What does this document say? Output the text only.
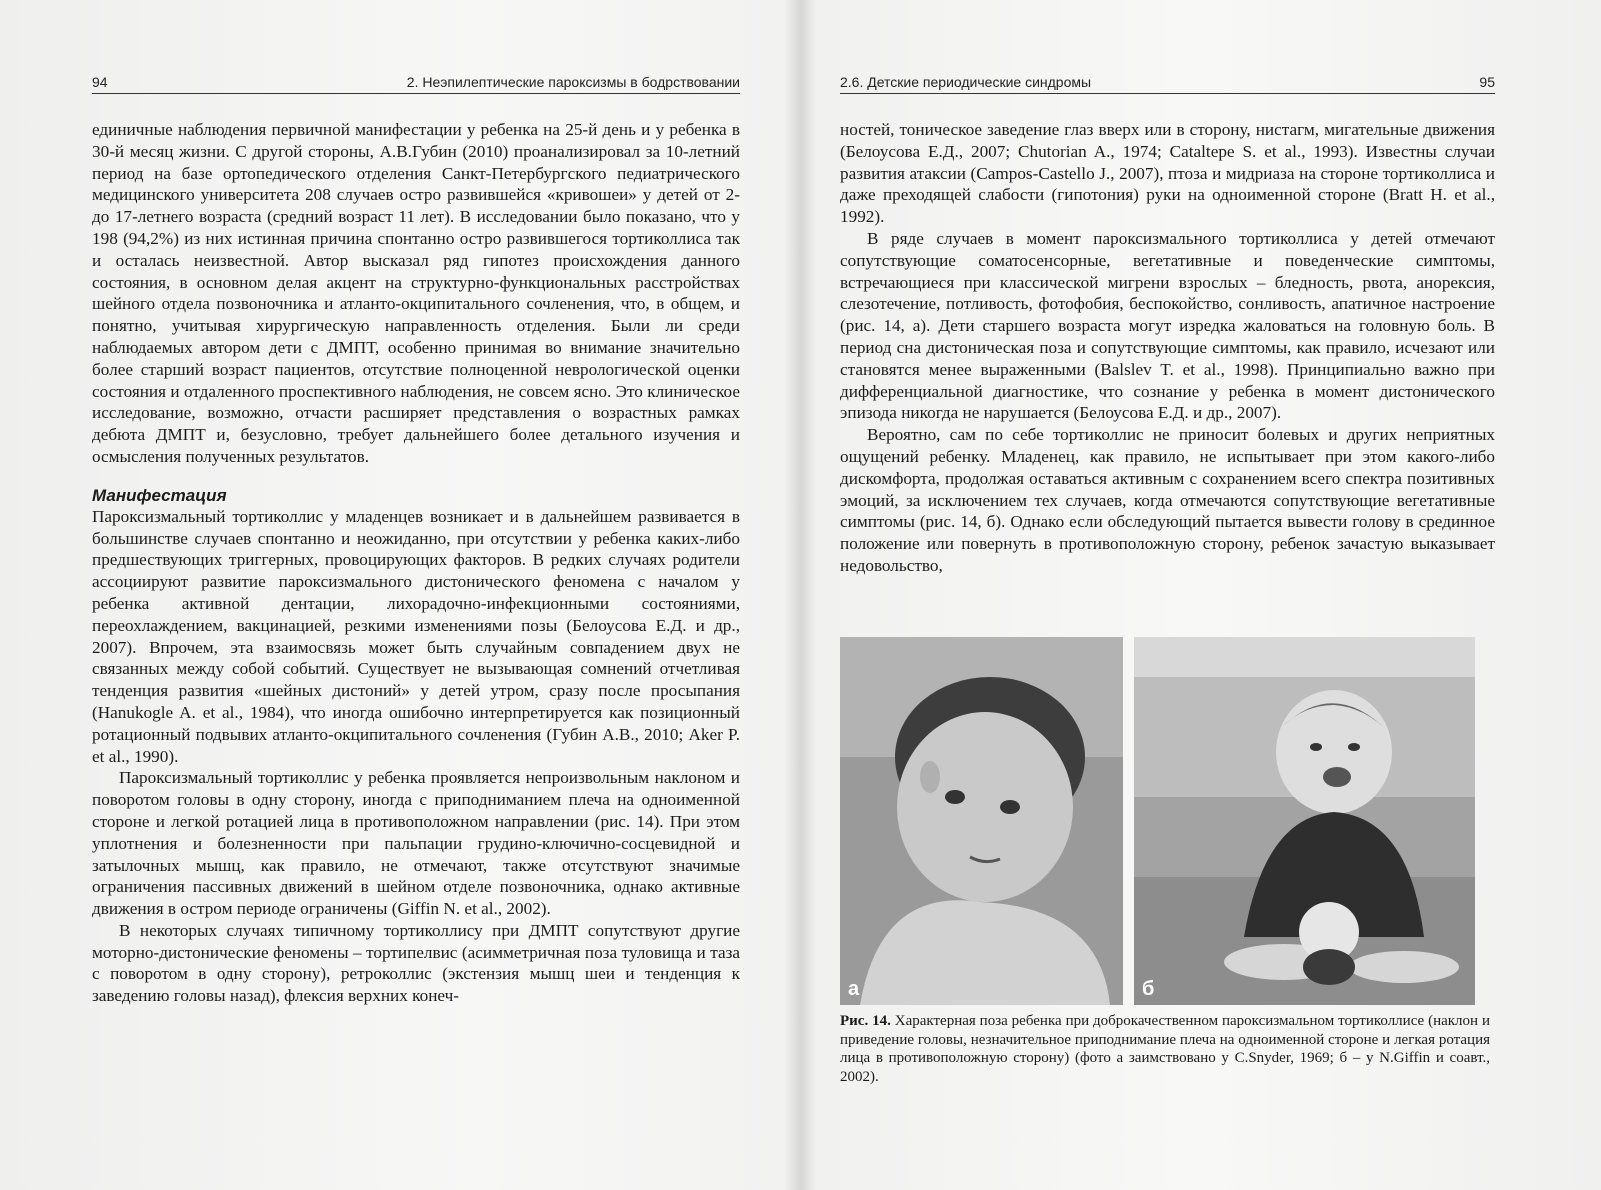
94	2. Неэпилептические пароксизмы в бодрствовании

единичные наблюдения первичной манифестации у ребенка на 25-й день и у ребенка в 30-й месяц жизни. С другой стороны, А.В.Губин (2010) проанализировал за 10-летний период на базе ортопедического отделения Санкт-Петербургского педиатрического медицинского университета 208 случаев остро развившейся «кривошеи» у детей от 2- до 17-летнего возраста (средний возраст 11 лет). В исследовании было показано, что у 198 (94,2%) из них истинная причина спонтанно остро развившегося тортиколлиса так и осталась неизвестной. Автор высказал ряд гипотез происхождения данного состояния, в основном делая акцент на структурно-функциональных расстройствах шейного отдела позвоночника и атланто-окципитального сочленения, что, в общем, и понятно, учитывая хирургическую направленность отделения. Были ли среди наблюдаемых автором дети с ДМПТ, особенно принимая во внимание значительно более старший возраст пациентов, отсутствие полноценной неврологической оценки состояния и отдаленного проспективного наблюдения, не совсем ясно. Это клиническое исследование, возможно, отчасти расширяет представления о возрастных рамках дебюта ДМПТ и, безусловно, требует дальнейшего более детального изучения и осмысления полученных результатов.

Манифестация

Пароксизмальный тортиколлис у младенцев возникает и в дальнейшем развивается в большинстве случаев спонтанно и неожиданно, при отсутствии у ребенка каких-либо предшествующих триггерных, провоцирующих факторов. В редких случаях родители ассоциируют развитие пароксизмального дистонического феномена с началом у ребенка активной дентации, лихорадочно-инфекционными состояниями, переохлаждением, вакцинацией, резкими изменениями позы (Белоусова Е.Д. и др., 2007). Впрочем, эта взаимосвязь может быть случайным совпадением двух не связанных между собой событий. Существует не вызывающая сомнений отчетливая тенденция развития «шейных дистоний» у детей утром, сразу после просыпания (Hanukogle A. et al., 1984), что иногда ошибочно интерпретируется как позиционный ротационный подвывих атланто-окципитального сочленения (Губин А.В., 2010; Aker P. et al., 1990).

Пароксизмальный тортиколлис у ребенка проявляется непроизвольным наклоном и поворотом головы в одну сторону, иногда с приподниманием плеча на одноименной стороне и легкой ротацией лица в противоположном направлении (рис. 14). При этом уплотнения и болезненности при пальпации грудино-ключично-сосцевидной и затылочных мышц, как правило, не отмечают, также отсутствуют значимые ограничения пассивных движений в шейном отделе позвоночника, однако активные движения в остром периоде ограничены (Giffin N. et al., 2002).

В некоторых случаях типичному тортиколлису при ДМПТ сопутствуют другие моторно-дистонические феномены – тортипелвис (асимметричная поза туловища и таза с поворотом в одну сторону), ретроколлис (экстензия мышц шеи и тенденция к заведению головы назад), флексия верхних конеч-

2.6. Детские периодические синдромы	95

ностей, тоническое заведение глаз вверх или в сторону, нистагм, мигательные движения (Белоусова Е.Д., 2007; Chutorian A., 1974; Cataltepe S. et al., 1993). Известны случаи развития атаксии (Campos-Castello J., 2007), птоза и мидриаза на стороне тортиколлиса и даже преходящей слабости (гипотония) руки на одноименной стороне (Bratt H. et al., 1992).

В ряде случаев в момент пароксизмального тортиколлиса у детей отмечают сопутствующие соматосенсорные, вегетативные и поведенческие симптомы, встречающиеся при классической мигрени взрослых – бледность, рвота, анорексия, слезотечение, потливость, фотофобия, беспокойство, сонливость, апатичное настроение (рис. 14, а). Дети старшего возраста могут изредка жаловаться на головную боль. В период сна дистоническая поза и сопутствующие симптомы, как правило, исчезают или становятся менее выраженными (Balslev T. et al., 1998). Принципиально важно при дифференциальной диагностике, что сознание у ребенка в момент дистонического эпизода никогда не нарушается (Белоусова Е.Д. и др., 2007).

Вероятно, сам по себе тортиколлис не приносит болевых и других неприятных ощущений ребенку. Младенец, как правило, не испытывает при этом какого-либо дискомфорта, продолжая оставаться активным с сохранением всего спектра позитивных эмоций, за исключением тех случаев, когда отмечаются сопутствующие вегетативные симптомы (рис. 14, б). Однако если обследующий пытается вывести голову в срединное положение или повернуть в противоположную сторону, ребенок зачастую выказывает недовольство,

а	б
Рис. 14. Характерная поза ребенка при доброкачественном пароксизмальном тортиколлисе (наклон и приведение головы, незначительное приподнимание плеча на одноименной стороне и легкая ротация лица в противоположную сторону) (фото а заимствовано у C.Snyder, 1969; б – у N.Giffin и соавт., 2002).
